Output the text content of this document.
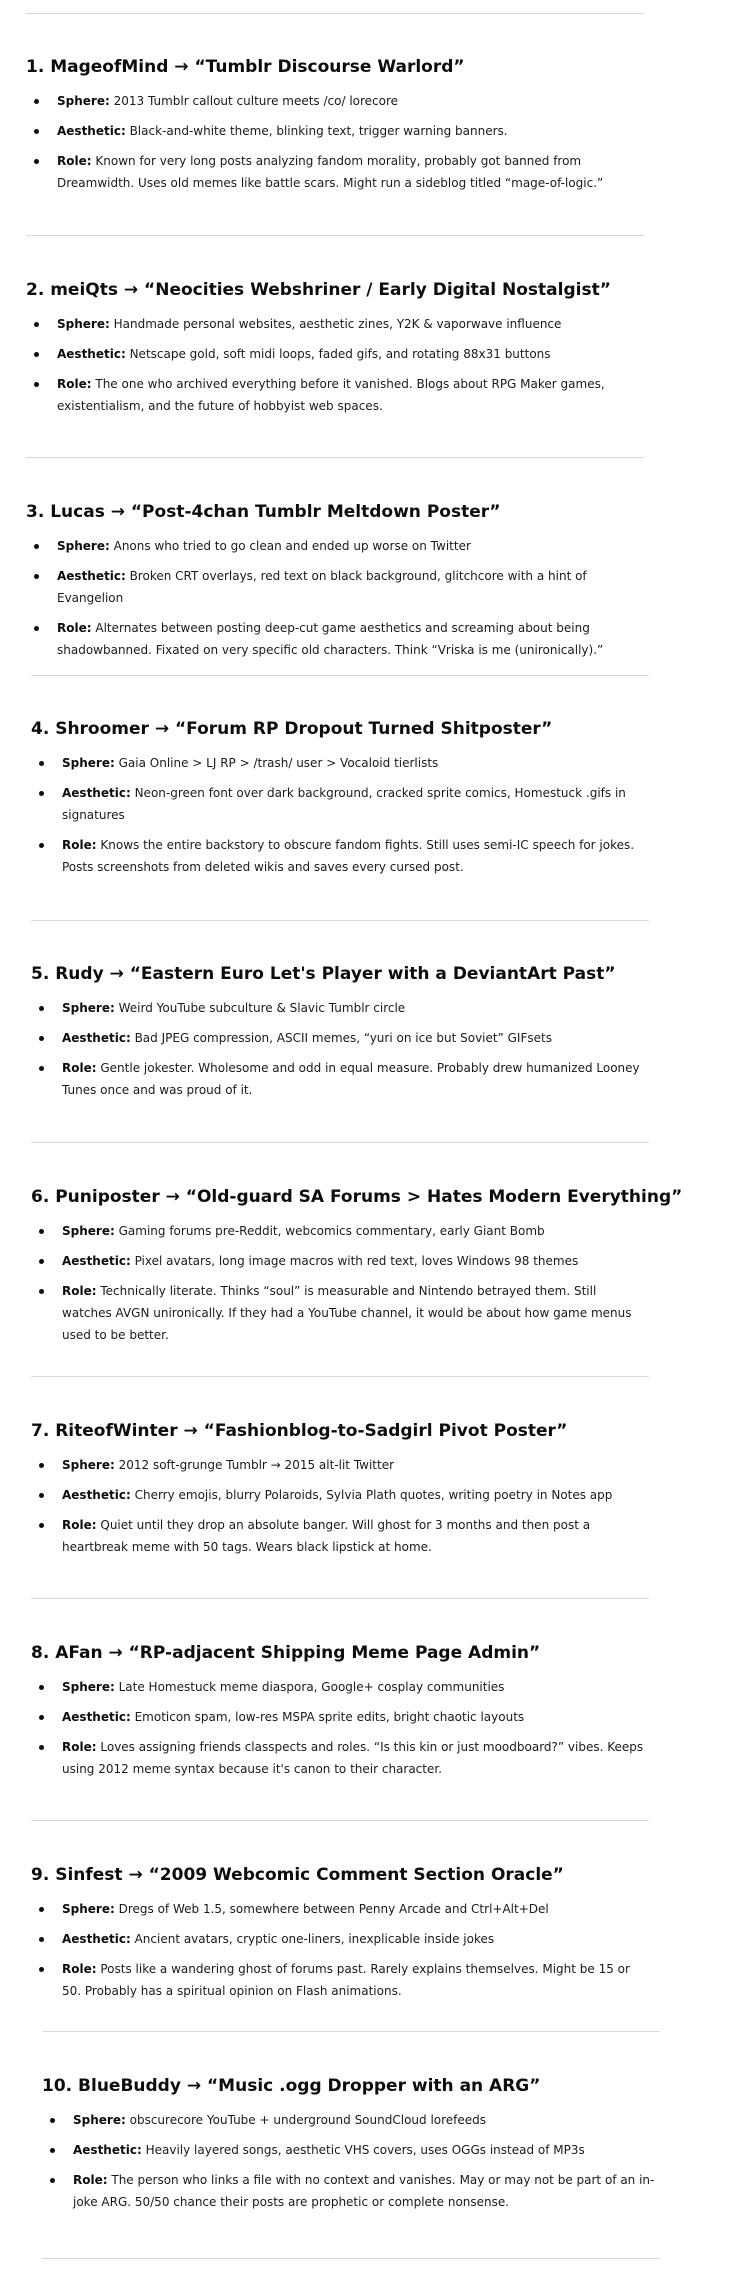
1. MageofMind → “Tumblr Discourse Warlord”
Sphere: 2013 Tumblr callout culture meets /co/ lorecore
Aesthetic: Black-and-white theme, blinking text, trigger warning banners.
Role: Known for very long posts analyzing fandom morality, probably got banned from Dreamwidth. Uses old memes like battle scars. Might run a sideblog titled “mage-of-logic.”
2. meiQts → “Neocities Webshriner / Early Digital Nostalgist”
Sphere: Handmade personal websites, aesthetic zines, Y2K & vaporwave influence
Aesthetic: Netscape gold, soft midi loops, faded gifs, and rotating 88x31 buttons
Role: The one who archived everything before it vanished. Blogs about RPG Maker games, existentialism, and the future of hobbyist web spaces.
3. Lucas → “Post-4chan Tumblr Meltdown Poster”
Sphere: Anons who tried to go clean and ended up worse on Twitter
Aesthetic: Broken CRT overlays, red text on black background, glitchcore with a hint of Evangelion
Role: Alternates between posting deep-cut game aesthetics and screaming about being shadowbanned. Fixated on very specific old characters. Think “Vriska is me (unironically).”
4. Shroomer → “Forum RP Dropout Turned Shitposter”
Sphere: Gaia Online > LJ RP > /trash/ user > Vocaloid tierlists
Aesthetic: Neon-green font over dark background, cracked sprite comics, Homestuck .gifs in signatures
Role: Knows the entire backstory to obscure fandom fights. Still uses semi-IC speech for jokes. Posts screenshots from deleted wikis and saves every cursed post.
5. Rudy → “Eastern Euro Let's Player with a DeviantArt Past”
Sphere: Weird YouTube subculture & Slavic Tumblr circle
Aesthetic: Bad JPEG compression, ASCII memes, “yuri on ice but Soviet” GIFsets
Role: Gentle jokester. Wholesome and odd in equal measure. Probably drew humanized Looney Tunes once and was proud of it.
6. Puniposter → “Old-guard SA Forums > Hates Modern Everything”
Sphere: Gaming forums pre-Reddit, webcomics commentary, early Giant Bomb
Aesthetic: Pixel avatars, long image macros with red text, loves Windows 98 themes
Role: Technically literate. Thinks “soul” is measurable and Nintendo betrayed them. Still watches AVGN unironically. If they had a YouTube channel, it would be about how game menus used to be better.
7. RiteofWinter → “Fashionblog-to-Sadgirl Pivot Poster”
Sphere: 2012 soft-grunge Tumblr → 2015 alt-lit Twitter
Aesthetic: Cherry emojis, blurry Polaroids, Sylvia Plath quotes, writing poetry in Notes app
Role: Quiet until they drop an absolute banger. Will ghost for 3 months and then post a heartbreak meme with 50 tags. Wears black lipstick at home.
8. AFan → “RP-adjacent Shipping Meme Page Admin”
Sphere: Late Homestuck meme diaspora, Google+ cosplay communities
Aesthetic: Emoticon spam, low-res MSPA sprite edits, bright chaotic layouts
Role: Loves assigning friends classpects and roles. “Is this kin or just moodboard?” vibes. Keeps using 2012 meme syntax because it's canon to their character.
9. Sinfest → “2009 Webcomic Comment Section Oracle”
Sphere: Dregs of Web 1.5, somewhere between Penny Arcade and Ctrl+Alt+Del
Aesthetic: Ancient avatars, cryptic one-liners, inexplicable inside jokes
Role: Posts like a wandering ghost of forums past. Rarely explains themselves. Might be 15 or 50. Probably has a spiritual opinion on Flash animations.
10. BlueBuddy → “Music .ogg Dropper with an ARG”
Sphere: obscurecore YouTube + underground SoundCloud lorefeeds
Aesthetic: Heavily layered songs, aesthetic VHS covers, uses OGGs instead of MP3s
Role: The person who links a file with no context and vanishes. May or may not be part of an in-joke ARG. 50/50 chance their posts are prophetic or complete nonsense.
